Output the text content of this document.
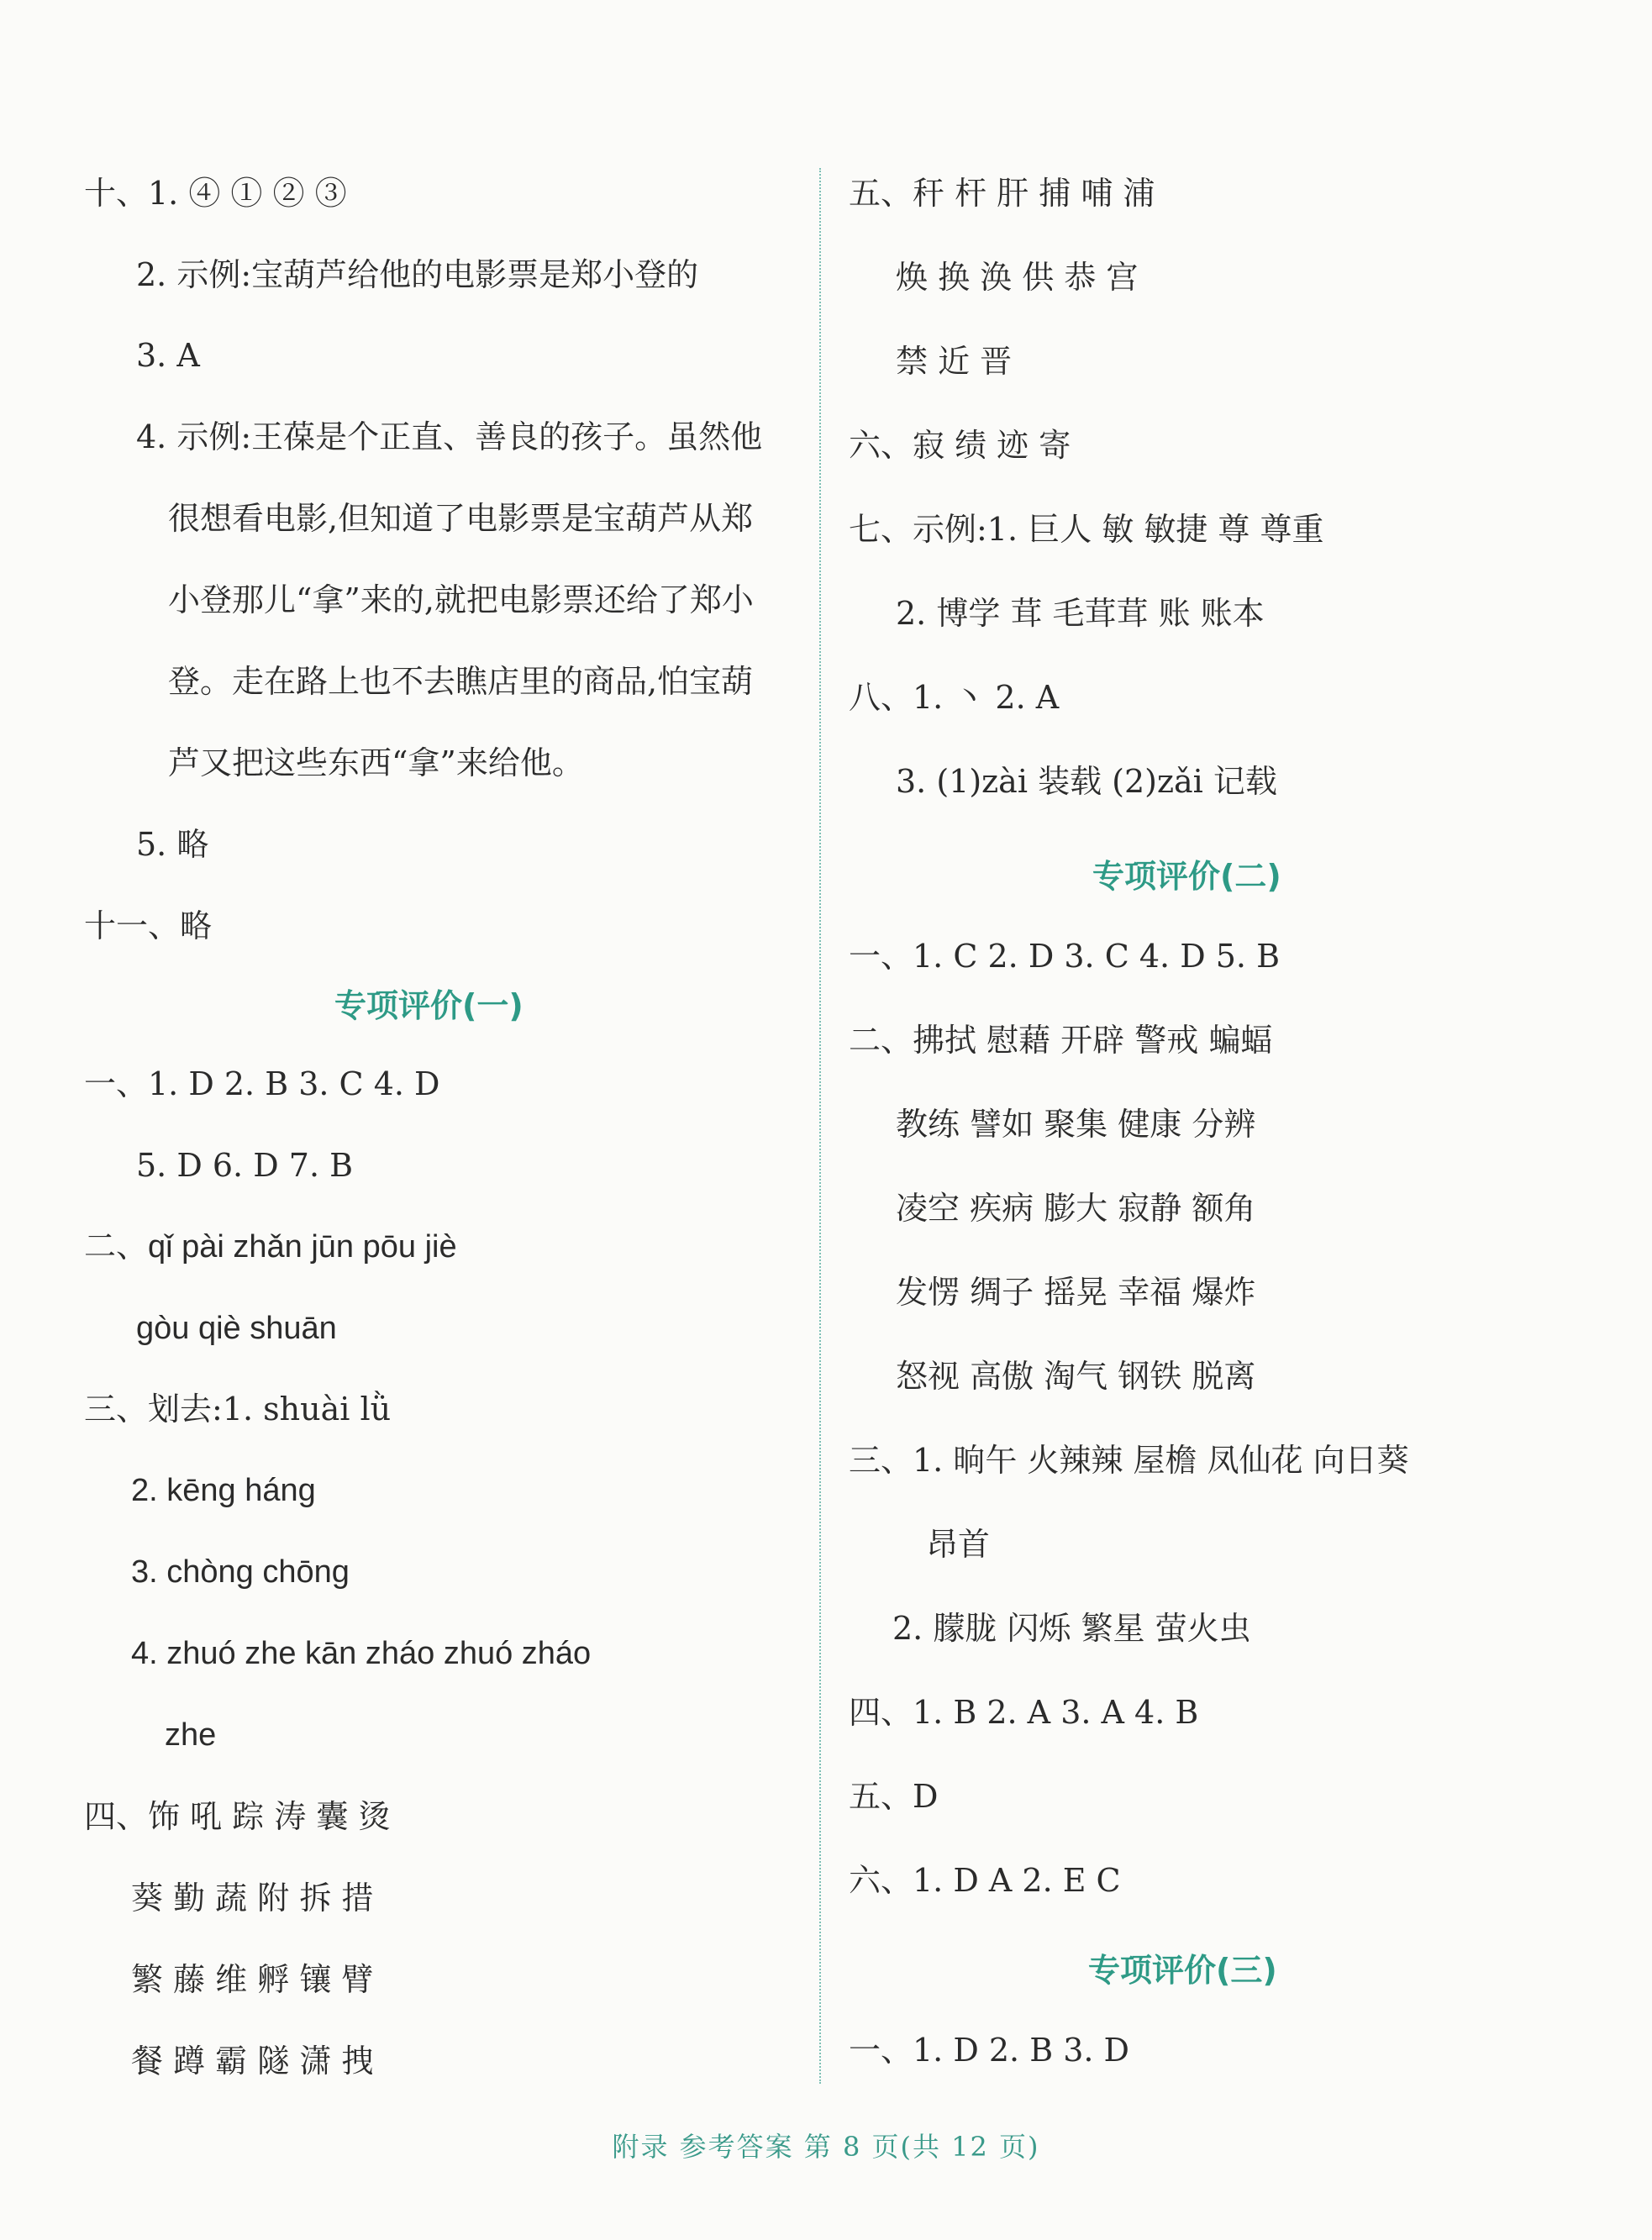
十、1. ④ ① ② ③
2. 示例:宝葫芦给他的电影票是郑小登的
3. A
4. 示例:王葆是个正直、善良的孩子。虽然他
很想看电影,但知道了电影票是宝葫芦从郑
小登那儿“拿”来的,就把电影票还给了郑小
登。走在路上也不去瞧店里的商品,怕宝葫
芦又把这些东西“拿”来给他。
5. 略
十一、略
专项评价(一)
一、1. D 2. B 3. C 4. D
5. D 6. D 7. B
二、qǐ pài zhǎn jūn pōu jiè
gòu qiè shuān
三、划去:1. shuài lǜ
2. kēng háng
3. chòng chōng
4. zhuó zhe kān zháo zhuó zháo
zhe
四、饰 吼 踪 涛 囊 烫
葵 勤 蔬 附 拆 措
繁 藤 维 孵 镶 臂
餐 蹲 霸 隧 潇 拽
五、秆 杆 肝 捕 哺 浦
焕 换 涣 供 恭 宫
禁 近 晋
六、寂 绩 迹 寄
七、示例:1. 巨人 敏 敏捷 尊 尊重
2. 博学 茸 毛茸茸 账 账本
八、1. 丶 2. A
3. (1)zài 装载 (2)zǎi 记载
专项评价(二)
一、1. C 2. D 3. C 4. D 5. B
二、拂拭 慰藉 开辟 警戒 蝙蝠
教练 譬如 聚集 健康 分辨
凌空 疾病 膨大 寂静 额角
发愣 绸子 摇晃 幸福 爆炸
怒视 高傲 淘气 钢铁 脱离
三、1. 晌午 火辣辣 屋檐 凤仙花 向日葵
昂首
2. 朦胧 闪烁 繁星 萤火虫
四、1. B 2. A 3. A 4. B
五、D
六、1. D A 2. E C
专项评价(三)
一、1. D 2. B 3. D
附录 参考答案 第 8 页(共 12 页)
